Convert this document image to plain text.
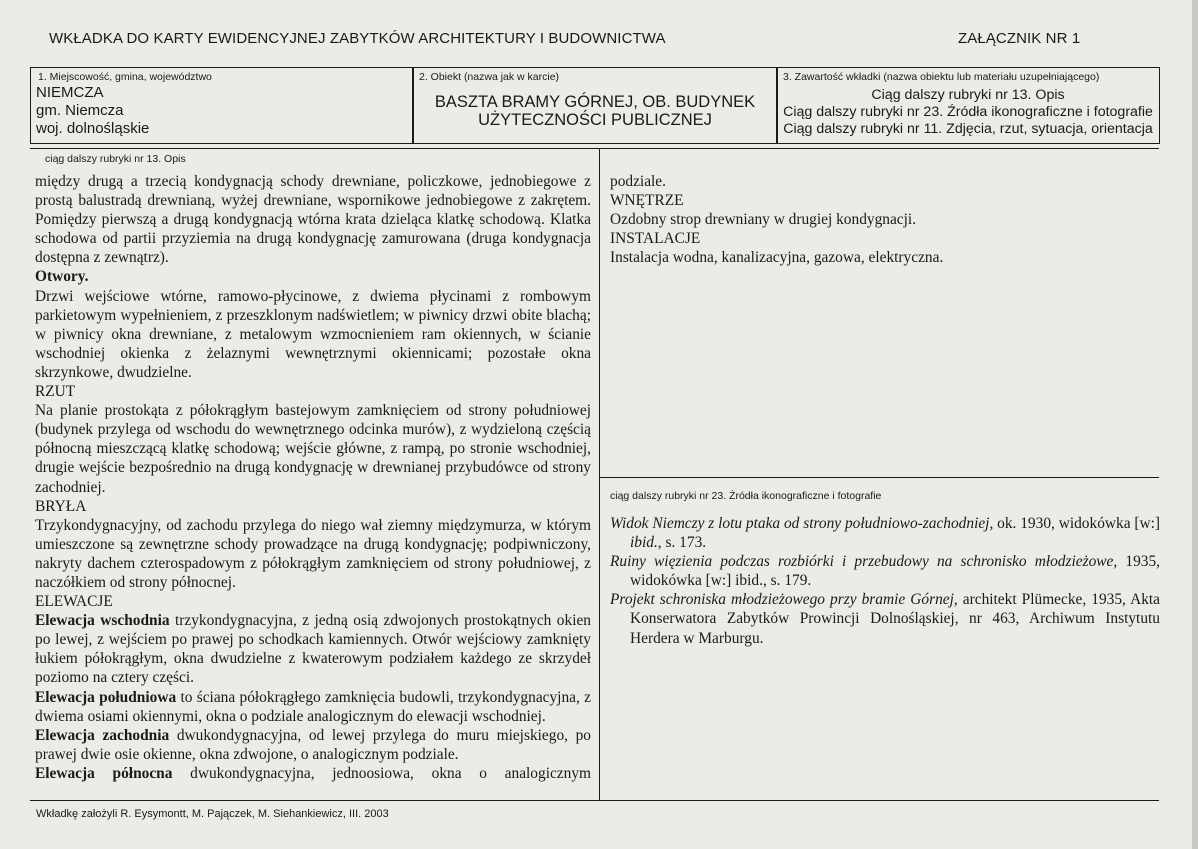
WKŁADKA DO KARTY EWIDENCYJNEJ ZABYTKÓW ARCHITEKTURY I BUDOWNICTWA	ZAŁĄCZNIK NR 1
1. Miejscowość, gmina, województwo
NIEMCZA
gm. Niemcza
woj. dolnośląskie
2. Obiekt (nazwa jak w karcie)
BASZTA BRAMY GÓRNEJ, OB. BUDYNEK
UŻYTECZNOŚCI PUBLICZNEJ
3. Zawartość wkładki (nazwa obiektu lub materiału uzupełniającego)
Ciąg dalszy rubryki nr 13. Opis
Ciąg dalszy rubryki nr 23. Źródła ikonograficzne i fotografie
Ciąg dalszy rubryki nr 11. Zdjęcia, rzut, sytuacja, orientacja
ciąg dalszy rubryki nr 13. Opis

między drugą a trzecią kondygnacją schody drewniane, policzkowe, jednobiegowe z prostą balustradą drewnianą, wyżej drewniane, wspornikowe jednobiegowe z zakrętem. Pomiędzy pierwszą a drugą kondygnacją wtórna krata dzieląca klatkę schodową. Klatka schodowa od partii przyziemia na drugą kondygnację zamurowana (druga kondygnacja dostępna z zewnątrz).

Otwory.

Drzwi wejściowe wtórne, ramowo-płycinowe, z dwiema płycinami z rombowym parkietowym wypełnieniem, z przeszklonym nadświetlem; w piwnicy drzwi obite blachą; w piwnicy okna drewniane, z metalowym wzmocnieniem ram okiennych, w ścianie wschodniej okienka z żelaznymi wewnętrznymi okiennicami; pozostałe okna skrzynkowe, dwudzielne.

RZUT

Na planie prostokąta z półokrągłym bastejowym zamknięciem od strony południowej (budynek przylega od wschodu do wewnętrznego odcinka murów), z wydzieloną częścią północną mieszczącą klatkę schodową; wejście główne, z rampą, po stronie wschodniej, drugie wejście bezpośrednio na drugą kondygnację w drewnianej przybudówce od strony zachodniej.

BRYŁA

Trzykondygnacyjny, od zachodu przylega do niego wał ziemny międzymurza, w którym umieszczone są zewnętrzne schody prowadzące na drugą kondygnację; podpiwniczony, nakryty dachem czterospadowym z półokrągłym zamknięciem od strony południowej, z naczółkiem od strony północnej.

ELEWACJE

Elewacja wschodnia trzykondygnacyjna, z jedną osią zdwojonych prostokątnych okien po lewej, z wejściem po prawej po schodkach kamiennych. Otwór wejściowy zamknięty łukiem półokrągłym, okna dwudzielne z kwaterowym podziałem każdego ze skrzydeł poziomo na cztery części.

Elewacja południowa to ściana półokrągłego zamknięcia budowli, trzykondygnacyjna, z dwiema osiami okiennymi, okna o podziale analogicznym do elewacji wschodniej.

Elewacja zachodnia dwukondygnacyjna, od lewej przylega do muru miejskiego, po prawej dwie osie okienne, okna zdwojone, o analogicznym podziale.

Elewacja północna dwukondygnacyjna, jednoosiowa, okna o analogicznym

podziale.

WNĘTRZE

Ozdobny strop drewniany w drugiej kondygnacji.

INSTALACJE

Instalacja wodna, kanalizacyjna, gazowa, elektryczna.

ciąg dalszy rubryki nr 23. Źródła ikonograficzne i fotografie

Widok Niemczy z lotu ptaka od strony południowo-zachodniej, ok. 1930, widokówka [w:] ibid., s. 173.

Ruiny więzienia podczas rozbiórki i przebudowy na schronisko młodzieżowe, 1935, widokówka [w:] ibid., s. 179.

Projekt schroniska młodzieżowego przy bramie Górnej, architekt Plümecke, 1935, Akta Konserwatora Zabytków Prowincji Dolnośląskiej, nr 463, Archiwum Instytutu Herdera w Marburgu.

Wkładkę założyli R. Eysymontt, M. Pajączek, M. Siehankiewicz, III. 2003
